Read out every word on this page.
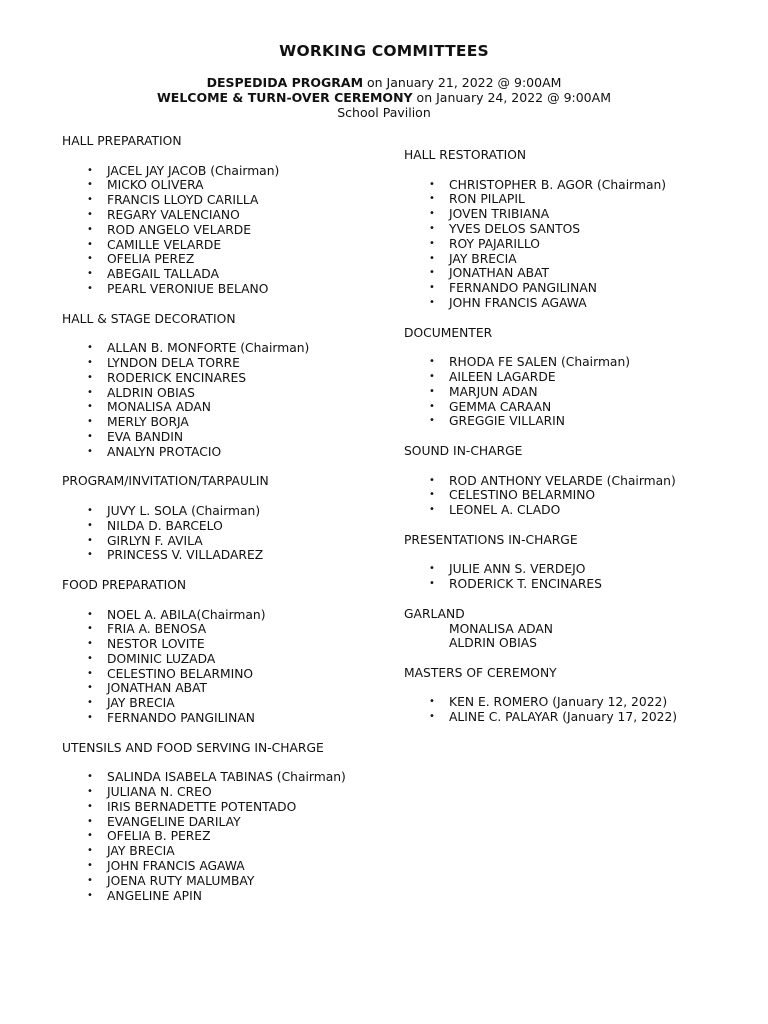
WORKING COMMITTEES
DESPEDIDA PROGRAM on January 21, 2022 @ 9:00AM
WELCOME & TURN-OVER CEREMONY on January 24, 2022 @ 9:00AM
School Pavilion
HALL PREPARATION
• JACEL JAY JACOB (Chairman)
• MICKO OLIVERA
• FRANCIS LLOYD CARILLA
• REGARY VALENCIANO
• ROD ANGELO VELARDE
• CAMILLE VELARDE
• OFELIA PEREZ
• ABEGAIL TALLADA
• PEARL VERONIUE BELANO
HALL & STAGE DECORATION
• ALLAN B. MONFORTE (Chairman)
• LYNDON DELA TORRE
• RODERICK ENCINARES
• ALDRIN OBIAS
• MONALISA ADAN
• MERLY BORJA
• EVA BANDIN
• ANALYN PROTACIO
PROGRAM/INVITATION/TARPAULIN
• JUVY L. SOLA (Chairman)
• NILDA D. BARCELO
• GIRLYN F. AVILA
• PRINCESS V. VILLADAREZ
FOOD PREPARATION
• NOEL A. ABILA(Chairman)
• FRIA A. BENOSA
• NESTOR LOVITE
• DOMINIC LUZADA
• CELESTINO BELARMINO
• JONATHAN ABAT
• JAY BRECIA
• FERNANDO PANGILINAN
UTENSILS AND FOOD SERVING IN-CHARGE
• SALINDA ISABELA TABINAS (Chairman)
• JULIANA N. CREO
• IRIS BERNADETTE POTENTADO
• EVANGELINE DARILAY
• OFELIA B. PEREZ
• JAY BRECIA
• JOHN FRANCIS AGAWA
• JOENA RUTY MALUMBAY
• ANGELINE APIN
HALL RESTORATION
• CHRISTOPHER B. AGOR (Chairman)
• RON PILAPIL
• JOVEN TRIBIANA
• YVES DELOS SANTOS
• ROY PAJARILLO
• JAY BRECIA
• JONATHAN ABAT
• FERNANDO PANGILINAN
• JOHN FRANCIS AGAWA
DOCUMENTER
• RHODA FE SALEN (Chairman)
• AILEEN LAGARDE
• MARJUN ADAN
• GEMMA CARAAN
• GREGGIE VILLARIN
SOUND IN-CHARGE
• ROD ANTHONY VELARDE (Chairman)
• CELESTINO BELARMINO
• LEONEL A. CLADO
PRESENTATIONS IN-CHARGE
• JULIE ANN S. VERDEJO
• RODERICK T. ENCINARES
GARLAND
MONALISA ADAN
ALDRIN OBIAS
MASTERS OF CEREMONY
• KEN E. ROMERO (January 12, 2022)
• ALINE C. PALAYAR (January 17, 2022)
